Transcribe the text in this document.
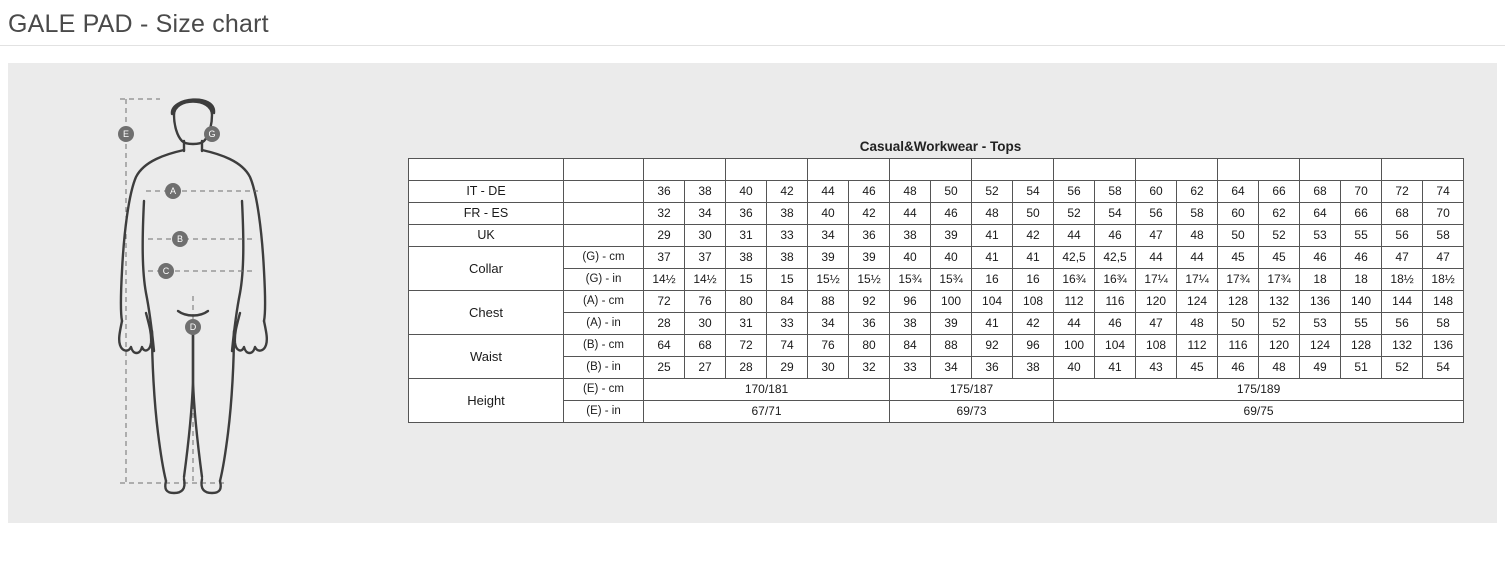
GALE PAD - Size chart
E	G
A
B
C
D
Casual&Workwear - Tops
International sizes		XXS		XS		S		M		L		XL		XXL		3XL		4XL		5XL	
IT - DE		36	38	40	42	44	46	48	50	52	54	56	58	60	62	64	66	68	70	72	74
FR - ES		32	34	36	38	40	42	44	46	48	50	52	54	56	58	60	62	64	66	68	70
UK		29	30	31	33	34	36	38	39	41	42	44	46	47	48	50	52	53	55	56	58
Collar	(G) - cm	37	37	38	38	39	39	40	40	41	41	42,5	42,5	44	44	45	45	46	46	47	47
	(G) - in	14½	14½	15	15	15½	15½	15¾	15¾	16	16	16¾	16¾	17¼	17¼	17¾	17¾	18	18	18½	18½
Chest	(A) - cm	72	76	80	84	88	92	96	100	104	108	112	116	120	124	128	132	136	140	144	148
	(A) - in	28	30	31	33	34	36	38	39	41	42	44	46	47	48	50	52	53	55	56	58
Waist	(B) - cm	64	68	72	74	76	80	84	88	92	96	100	104	108	112	116	120	124	128	132	136
	(B) - in	25	27	28	29	30	32	33	34	36	38	40	41	43	45	46	48	49	51	52	54
Height	(E) - cm	170/181						175/187				175/189									
	(E) - in	67/71						69/73				69/75									
